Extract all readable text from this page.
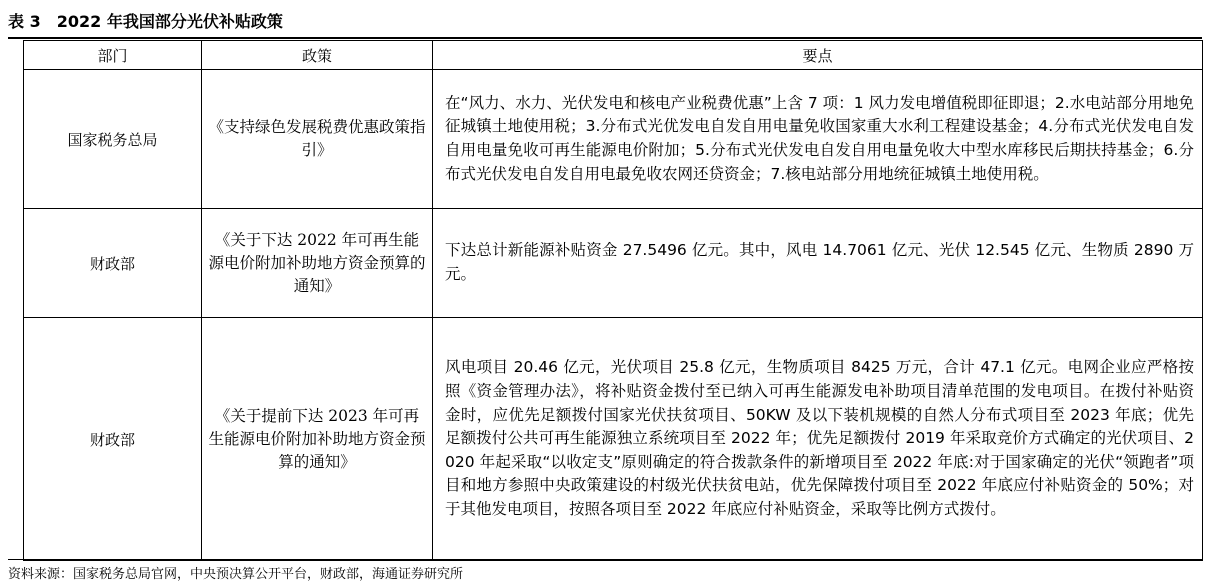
表 3 2022 年我国部分光伏补贴政策
部门	政策	要点
国家税务总局	《支持绿色发展税费优惠政策指引》	在“风力、水力、光伏发电和核电产业税费优惠”上含 7 项：1 风力发电增值税即征即退；2.水电站部分用地免征城镇土地使用税；3.分布式光优发电自发自用电量免收国家重大水利工程建设基金；4.分布式光伏发电自发自用电量免收可再生能源电价附加；5.分布式光伏发电自发自用电量免收大中型水库移民后期扶持基金；6.分布式光伏发电自发自用电最免收农网还贷资金；7.核电站部分用地统征城镇土地使用税。
财政部	《关于下达 2022 年可再生能源电价附加补助地方资金预算的通知》	下达总计新能源补贴资金 27.5496 亿元。其中，风电 14.7061 亿元、光伏 12.545 亿元、生物质 2890 万元。
财政部	《关于提前下达 2023 年可再生能源电价附加补助地方资金预算的通知》	风电项目 20.46 亿元，光伏项目 25.8 亿元，生物质项目 8425 万元，合计 47.1 亿元。电网企业应严格按照《资金管理办法》，将补贴资金拨付至已纳入可再生能源发电补助项目清单范围的发电项目。在拨付补贴资金时，应优先足额拨付国家光伏扶贫项目、50KW 及以下装机规模的自然人分布式项目至 2023 年底；优先足额拨付公共可再生能源独立系统项目至 2022 年；优先足额拨付 2019 年采取竞价方式确定的光伏项目、2020 年起采取“以收定支”原则确定的符合拨款条件的新增项目至 2022 年底:对于国家确定的光伏“领跑者”项目和地方参照中央政策建设的村级光伏扶贫电站，优先保障拨付项目至 2022 年底应付补贴资金的 50%；对于其他发电项目，按照各项目至 2022 年底应付补贴资金，采取等比例方式拨付。
资料来源：国家税务总局官网，中央预决算公开平台，财政部，海通证券研究所
